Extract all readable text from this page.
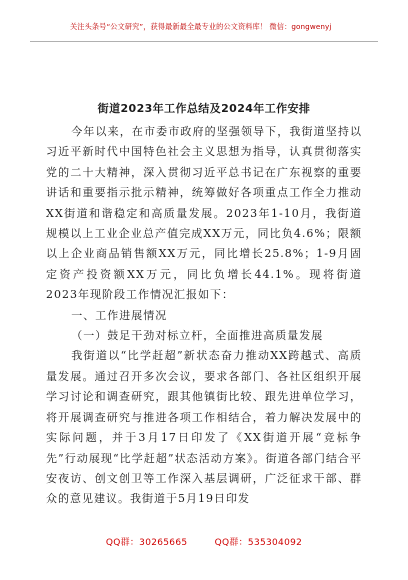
关注头条号“公文研究”，获得最新最全最专业的公文资料库！ 微信：gongwenyj
街道2023年工作总结及2024年工作安排

今年以来，在市委市政府的坚强领导下，我街道坚持以习近平新时代中国特色社会主义思想为指导，认真贯彻落实党的二十大精神，深入贯彻习近平总书记在广东视察的重要讲话和重要指示批示精神，统筹做好各项重点工作全力推动XX街道和谐稳定和高质量发展。2023年1-10月，我街道规模以上工业企业总产值完成XX万元，同比负4.6%；限额以上企业商品销售额XX万元，同比增长25.8%；1-9月固定资产投资额XX万元，同比负增长44.1%。现将街道2023年现阶段工作情况汇报如下：

一、工作进展情况

（一）鼓足干劲对标立杆，全面推进高质量发展

我街道以“比学赶超”新状态奋力推动XX跨越式、高质量发展。通过召开多次会议，要求各部门、各社区组织开展学习讨论和调查研究，跟其他镇街比较、跟先进单位学习，将开展调查研究与推进各项工作相结合，着力解决发展中的实际问题，并于3月17日印发了《XX街道开展“竞标争先”行动展现“比学赶超”状态活动方案》。街道各部门结合平安夜访、创文创卫等工作深入基层调研，广泛征求干部、群众的意见建议。我街道于5月19日印发

QQ群：30265665	QQ群：535304092
